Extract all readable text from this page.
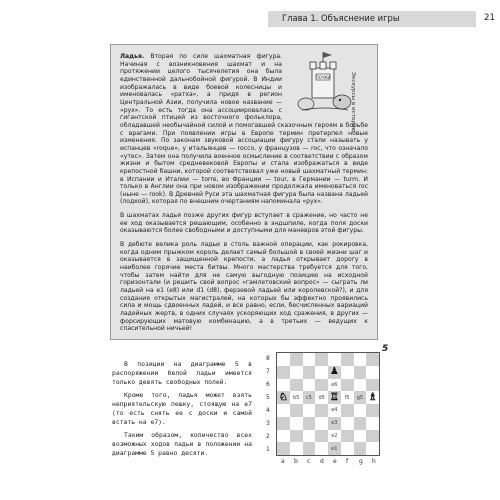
Глава 1. Объяснение игры	21

Ладья. Вторая по силе шахматная фигура. Начиная с возникновения шахмат и на протяжении целого тысячелетия она была единственной дальнобойной фигурой. В Индии изображалась в виде боевой колесницы и именовалась «ратха», а придя в регион Центральной Азии, получила новое название — «рух». То есть тогда она ассоциировалась с гигантской птицей из восточного фольклора, обладавшей необычайной силой и помогавшей сказочным героям в борьбе с врагами. При появлении игры в Европе термин претерпел новые изменения. По законам звуковой ассоциации фигуру стали называть у испанцев «roque», у итальянцев — rocco, у французов — roc, что означало «утес». Затем она получила военное осмысление в соответствии с образом жизни и бытом средневековой Европы и стала изображаться в виде крепостной башни, которой соответствовал уже новый шахматный термин: в Испании и Италии — torre, во Франции — tour, в Германии — turm. И только в Англии она при новом изображении продолжала именоваться roc (ныне — rook). В Древней Руси эта шахматная фигура была названа ладьей (лодкой), которая по внешним очертаниям напоминала «рух».

В шахматах ладья позже других фигур вступает в сражение, но часто не ее ход оказывается решающим, особенно в эндшпиле, когда поля доски оказываются более свободными и доступными для маневров этой фигуры.

В дебюте велика роль ладьи в столь важной операции, как рокировка, когда одним прыжком король делает самый большой в своей жизни шаг и оказывается в защищенной крепости, а ладья открывает дорогу в наиболее горячие места битвы. Много мастерства требуется для того, чтобы затем найти для не самую выгодную позицию на исходной горизонтали (и решить свой вопрос «гамлетовский вопрос» — сыграть ли ладьей на e1 (e8) или d1 (d8), ферзевой ладьей или королевской?), и для создания открытых магистралей, на которых бы эффектно проявились сила и мощь сдвоенных ладей, и все равно, если, бесчисленных вариаций ладейных жертв, в одних случаях ускоряющих ход сражения, в других — форсирующих матовую комбинацию, а в третьих — ведущих к спасительной ничьей!

ПОЧКИ	Экскурсы в историю

В позиции на диаграмме 5 в распоряжении белой ладьи имеется только девять свободных полей.

Кроме того, ладья может взять неприятельскую пешку, стоящую на e7 (то есть снять ее с доски и самой встать на e7).

Таким образом, количество всех возможных ходов ладьи в положении на диаграмме 5 равно десяти.

5
♟
e6
♘ b5 c5 d5 ♖ f5 g5 ♗
e4
e3
e2
e1
8
7
6
5
4
3
2
1
a b c d e f g h
